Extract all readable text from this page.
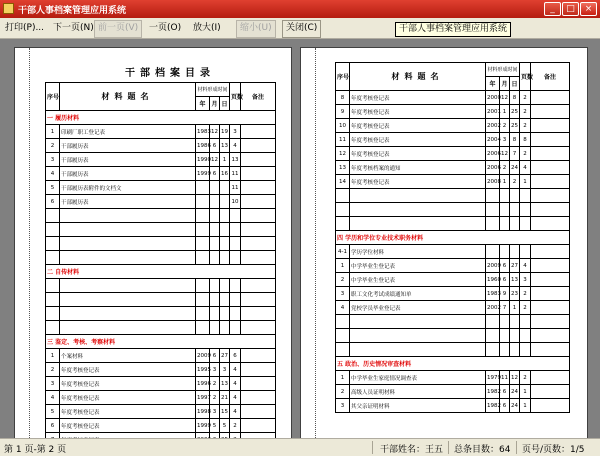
干部人事档案管理应用系统	_	□	×
打印(P)... 下一页(N) 前一页(V)	一页(O)	放大(I)	缩小(U)	关闭(C)	干部人事档案管理应用系统
干部档案目录
序号	材料题名	材料形成时间			页数	备注
		年	月	日		
一 履历材料						
1	印刷厂职工登记表	1983	12	19	3	
2	干部履历表	1986	6	13	4	
3	干部履历表	1990	12	1	13	
4	干部履历表	1999	6	16	11	
5	干部履历表附件的文档文				11	
6	干部履历表				10	

二 自传材料						

三 鉴定、考核、考察材料						
1	个案材料	2009	6	27	6	
2	年度考核登记表	1995	3	3	4	
3	年度考核登记表	1996	2	13	4	
4	年度考核登记表	1997	2	21	4	
5	年度考核登记表	1998	3	15	4	
6	年度考核登记表	1999	5	5	2	

序号	材料题名	材料形成时间			页数	备注
		年	月	日		
8	年度考核登记表	2000	12	8	2	
9	年度考核登记表	2001	1	25	2	
10	年度考核登记表	2002	2	25	2	
11	年度考核登记表	2004	3	8	8	
12	年度考核登记表	2006	12	7	2	
13	年度考核档案的通知	2006	2	24	4	
14	年度考核登记表	2008	1	2	1	

四 学历和学位专业技术职务材料						
4-1	学历学位材料					
1	中学毕业生登记表	2009	6	27	4	
2	中学毕业生登记表	1960	6	13	3	
3	职工文化考试成绩通知单	1983	9	23	2	
4	党校学员毕业登记表	2002	7	1	2	

五 政治、历史情况审查材料						
1	中学毕业生家庭情况调查表	1979	11	12	2	
2	高级人员证明材料	1982	6	24	1	
3	其父亲证明材料	1982	6	24	1	
第 1 页-第 2 页	干部姓名：王五 总条目数：64 页号/页数：1/5
